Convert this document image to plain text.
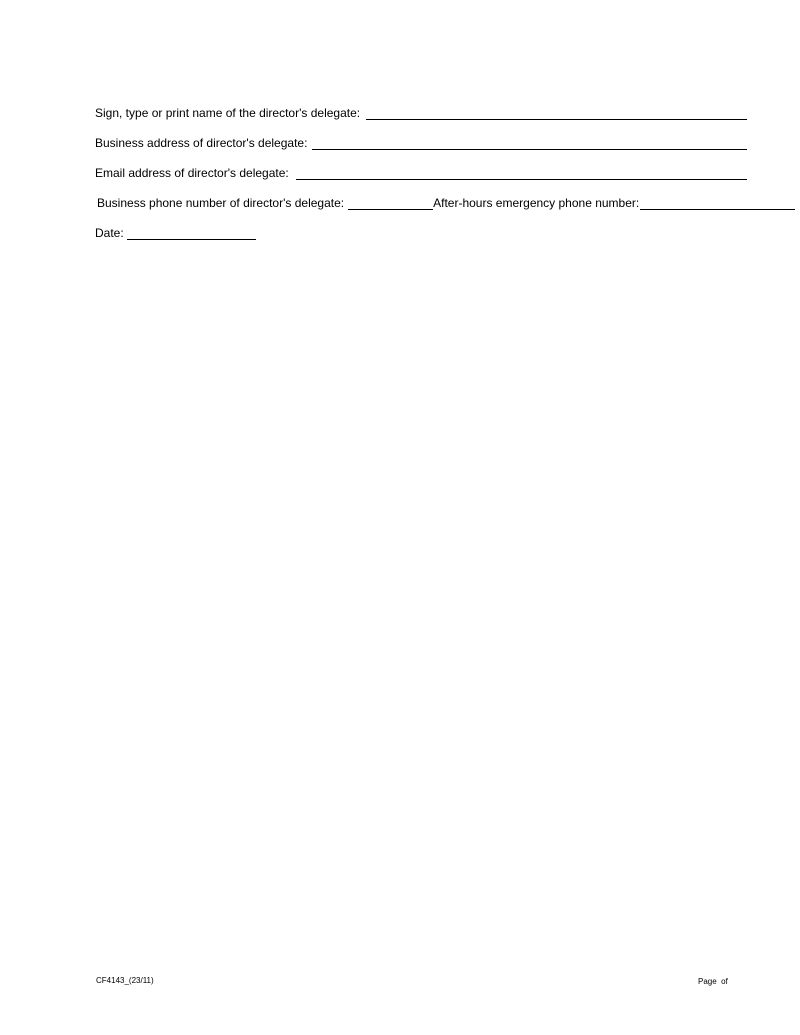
Sign, type or print name of the director's delegate:
Business address of director's delegate:
Email address of director's delegate:
Business phone number of director's delegate:	After-hours emergency phone number:
Date:
CF4143_(23/11)	Page  of
